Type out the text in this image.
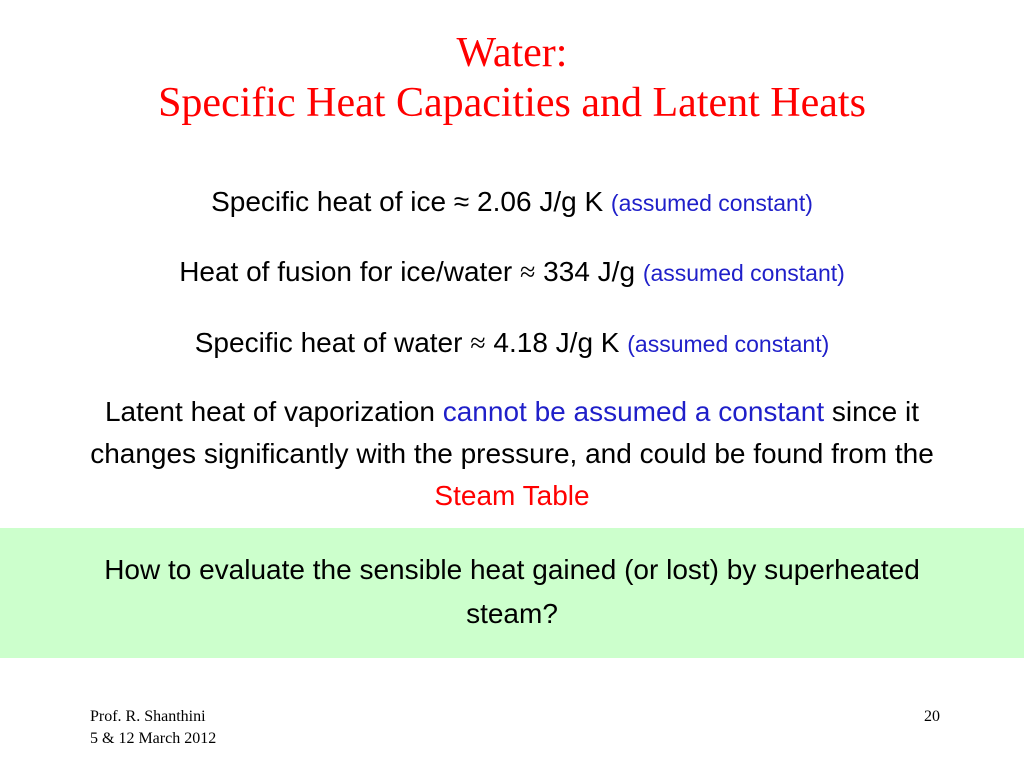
Water:
Specific Heat Capacities and Latent Heats
Specific heat of ice ≈ 2.06 J/g K (assumed constant)
Heat of fusion for ice/water ≈ 334 J/g (assumed constant)
Specific heat of water ≈ 4.18 J/g K (assumed constant)
Latent heat of vaporization cannot be assumed a constant since it changes significantly with the pressure, and could be found from the Steam Table
How to evaluate the sensible heat gained (or lost) by superheated steam?
Prof. R. Shanthini
5 & 12 March 2012
20
